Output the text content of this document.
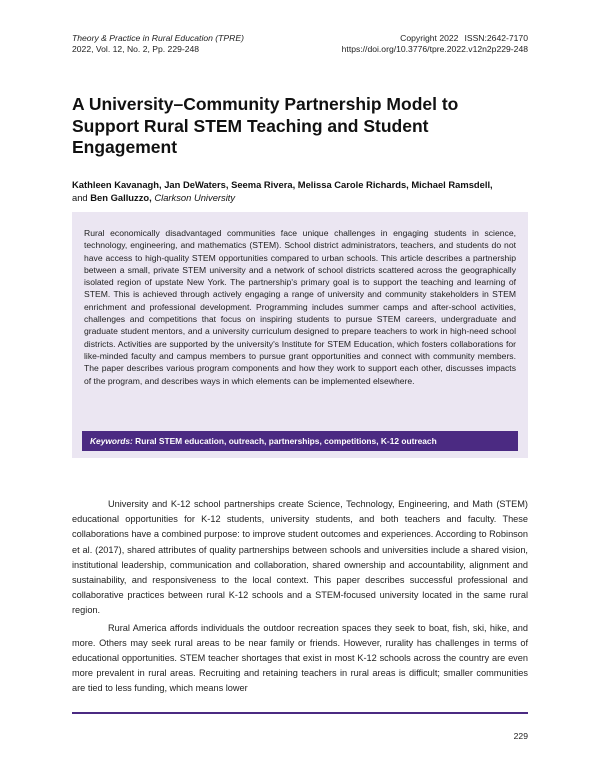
Theory & Practice in Rural Education (TPRE)
2022, Vol. 12, No. 2, Pp. 229-248
Copyright 2022 ISSN:2642-7170
https://doi.org/10.3776/tpre.2022.v12n2p229-248
A University–Community Partnership Model to Support Rural STEM Teaching and Student Engagement

Kathleen Kavanagh, Jan DeWaters, Seema Rivera, Melissa Carole Richards, Michael Ramsdell,
and Ben Galluzzo, Clarkson University

Rural economically disadvantaged communities face unique challenges in engaging students in science, technology, engineering, and mathematics (STEM). School district administrators, teachers, and students do not have access to high-quality STEM opportunities compared to urban schools. This article describes a partnership between a small, private STEM university and a network of school districts scattered across the geographically isolated region of upstate New York. The partnership's primary goal is to support the teaching and learning of STEM. This is achieved through actively engaging a range of university and community stakeholders in STEM enrichment and professional development. Programming includes summer camps and after-school activities, challenges and competitions that focus on inspiring students to pursue STEM careers, undergraduate and graduate student mentors, and a university curriculum designed to prepare teachers to work in high-need school districts. Activities are supported by the university's Institute for STEM Education, which fosters collaborations for like-minded faculty and campus members to pursue grant opportunities and connect with community members. The paper describes various program components and how they work to support each other, discusses impacts of the program, and describes ways in which elements can be implemented elsewhere.

Keywords: Rural STEM education, outreach, partnerships, competitions, K-12 outreach

University and K-12 school partnerships create Science, Technology, Engineering, and Math (STEM) educational opportunities for K-12 students, university students, and both teachers and faculty. These collaborations have a combined purpose: to improve student outcomes and experiences. According to Robinson et al. (2017), shared attributes of quality partnerships between schools and universities include a shared vision, institutional leadership, communication and collaboration, shared ownership and accountability, alignment and sustainability, and responsiveness to the local context. This paper describes successful professional and collaborative practices between rural K-12 schools and a STEM-focused university located in the same rural region.

Rural America affords individuals the outdoor recreation spaces they seek to boat, fish, ski, hike, and more. Others may seek rural areas to be near family or friends. However, rurality has challenges in terms of educational opportunities. STEM teacher shortages that exist in most K-12 schools across the country are even more prevalent in rural areas. Recruiting and retaining teachers in rural areas is difficult; smaller communities are tied to less funding, which means lower

229
